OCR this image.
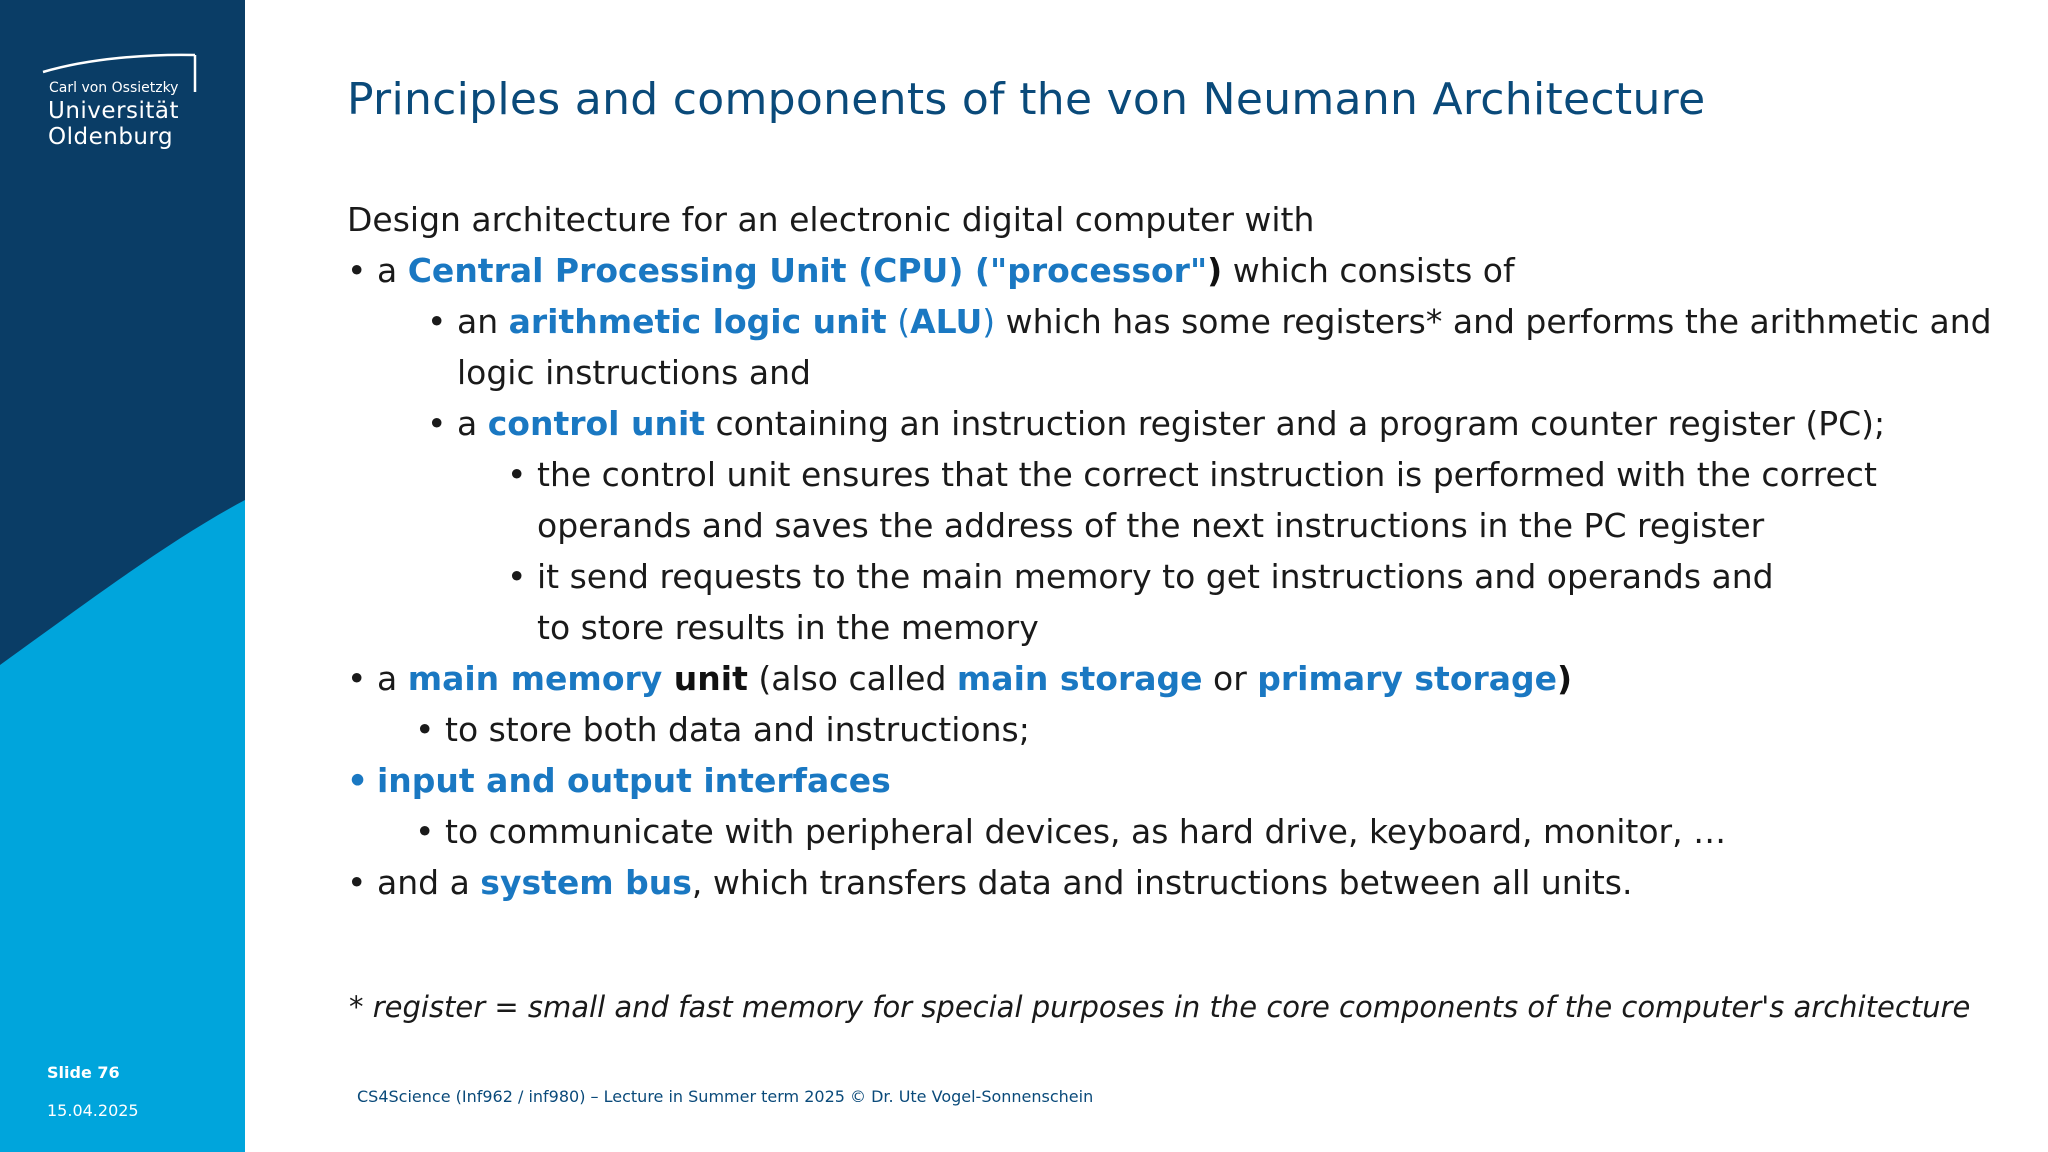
Carl von Ossietzky
Universität
Oldenburg
Slide 76
15.04.2025
Principles and components of the von Neumann Architecture
Design architecture for an electronic digital computer with
• a Central Processing Unit (CPU) ("processor") which consists of
• an arithmetic logic unit (ALU) which has some registers* and performs the arithmetic and
logic instructions and
• a control unit containing an instruction register and a program counter register (PC);
• the control unit ensures that the correct instruction is performed with the correct
operands and saves the address of the next instructions in the PC register
• it send requests to the main memory to get instructions and operands and
to store results in the memory
• a main memory unit (also called main storage or primary storage)
• to store both data and instructions;
• input and output interfaces
• to communicate with peripheral devices, as hard drive, keyboard, monitor, …
• and a system bus, which transfers data and instructions between all units.
* register = small and fast memory for special purposes in the core components of the computer's architecture
CS4Science (Inf962 / inf980) – Lecture in Summer term 2025 © Dr. Ute Vogel-Sonnenschein
